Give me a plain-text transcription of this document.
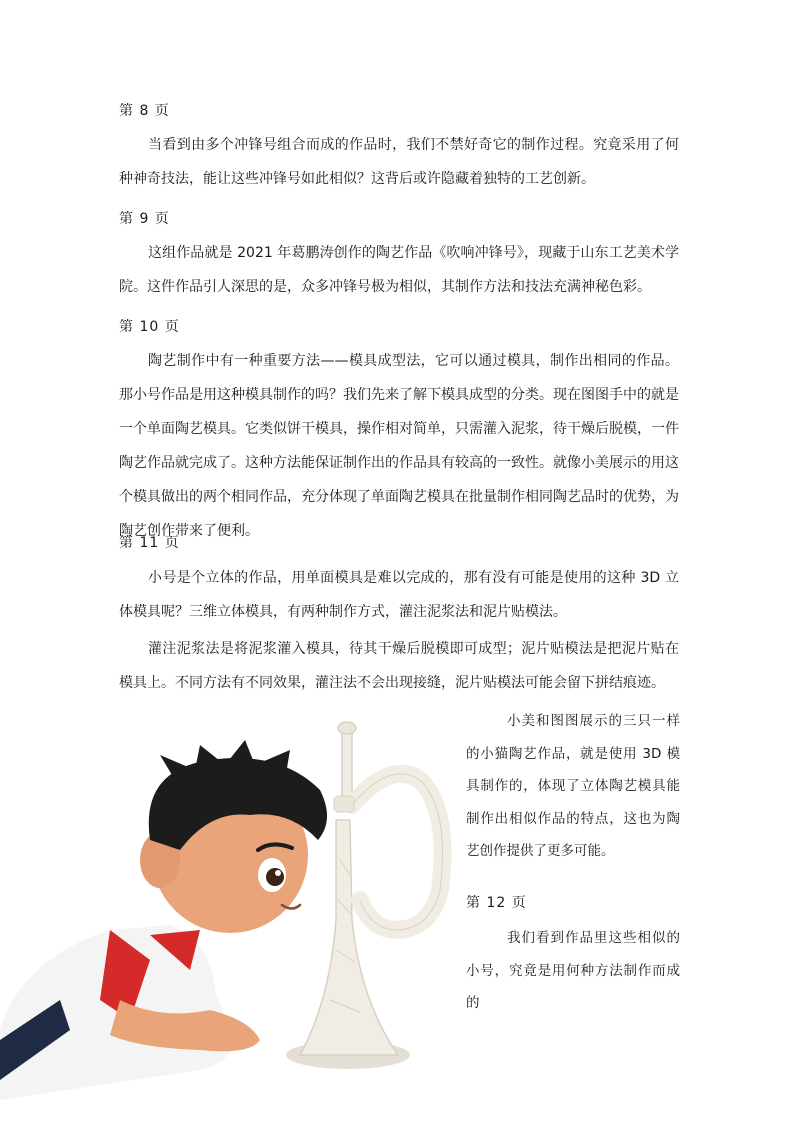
第 8 页

当看到由多个冲锋号组合而成的作品时，我们不禁好奇它的制作过程。究竟采用了何种神奇技法，能让这些冲锋号如此相似？这背后或许隐藏着独特的工艺创新。

第 9 页

这组作品就是 2021 年葛鹏涛创作的陶艺作品《吹响冲锋号》，现藏于山东工艺美术学院。这件作品引人深思的是，众多冲锋号极为相似，其制作方法和技法充满神秘色彩。

第 10 页

陶艺制作中有一种重要方法——模具成型法，它可以通过模具，制作出相同的作品。那小号作品是用这种模具制作的吗？我们先来了解下模具成型的分类。现在图图手中的就是一个单面陶艺模具。它类似饼干模具，操作相对简单，只需灌入泥浆，待干燥后脱模，一件陶艺作品就完成了。这种方法能保证制作出的作品具有较高的一致性。就像小美展示的用这个模具做出的两个相同作品，充分体现了单面陶艺模具在批量制作相同陶艺品时的优势，为陶艺创作带来了便利。

第 11 页

小号是个立体的作品，用单面模具是难以完成的，那有没有可能是使用的这种 3D 立体模具呢？三维立体模具，有两种制作方式，灌注泥浆法和泥片贴模法。

灌注泥浆法是将泥浆灌入模具，待其干燥后脱模即可成型；泥片贴模法是把泥片贴在模具上。不同方法有不同效果，灌注法不会出现接缝，泥片贴模法可能会留下拼结痕迹。

小美和图图展示的三只一样的小猫陶艺作品，就是使用 3D 模具制作的，体现了立体陶艺模具能制作出相似作品的特点，这也为陶艺创作提供了更多可能。

第 12 页

我们看到作品里这些相似的小号，究竟是用何种方法制作而成的
